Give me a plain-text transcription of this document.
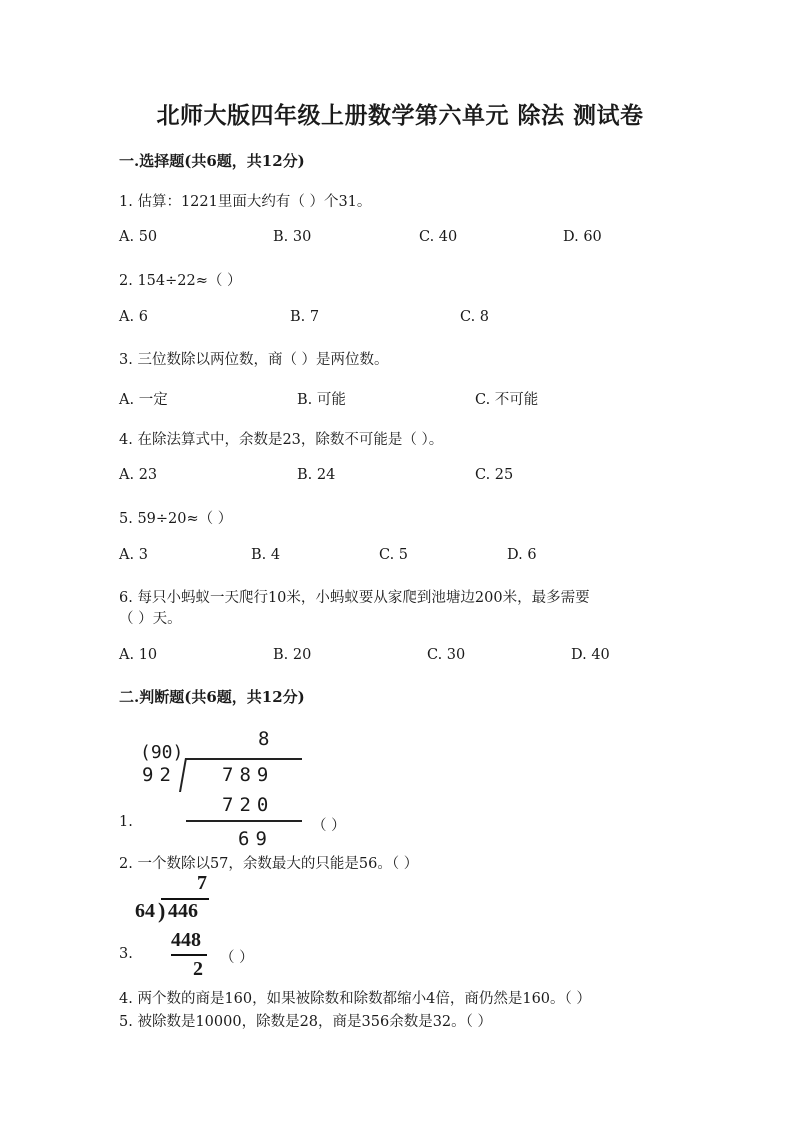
北师大版四年级上册数学第六单元 除法 测试卷
一.选择题(共6题，共12分)
1. 估算：1221里面大约有（ ）个31。
A. 50	B. 30	C. 40	D. 60
2. 154÷22≈（ ）
A. 6	B. 7	C. 8
3. 三位数除以两位数，商（ ）是两位数。
A. 一定	B. 可能	C. 不可能
4. 在除法算式中，余数是23，除数不可能是（ ）。
A. 23	B. 24	C. 25
5. 59÷20≈（ ）
A. 3	B. 4	C. 5	D. 6
6. 每只小蚂蚁一天爬行10米，小蚂蚁要从家爬到池塘边200米，最多需要
（ ）天。
A. 10	B. 20	C. 30	D. 40
二.判断题(共6题，共12分)
(90)
8
92 789
720
69
1.	（ ）
2. 一个数除以57，余数最大的只能是56。（ ）
7
64 ) 446
448
2
3.	（ ）
4. 两个数的商是160，如果被除数和除数都缩小4倍，商仍然是160。（ ）
5. 被除数是10000，除数是28，商是356余数是32。（ ）
